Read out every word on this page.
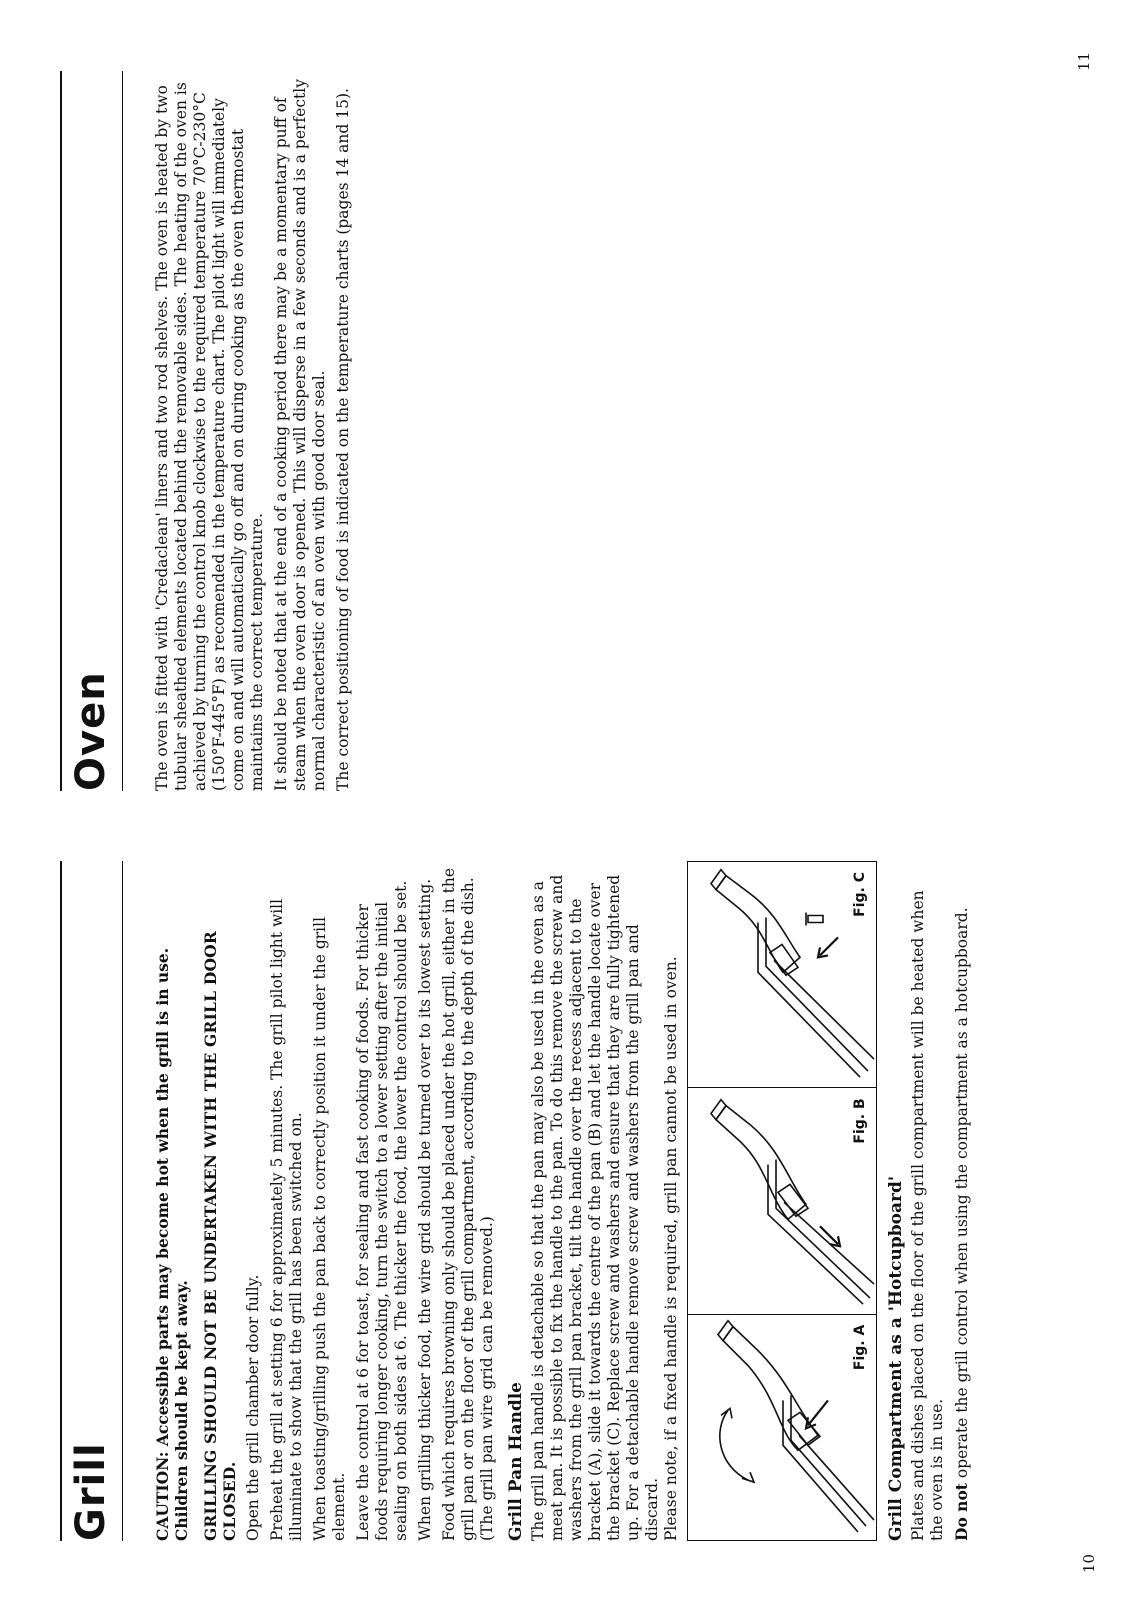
10
11
Grill	CAUTION: Accessible parts may become hot when the grill is in use. Children should be kept away. GRILLING SHOULD NOT BE UNDERTAKEN WITH THE GRILL DOOR CLOSED. Open the grill chamber door fully. Preheat the grill at setting 6 for approximately 5 minutes. The grill pilot light will illuminate to show that the grill has been switched on. When toasting/grilling push the pan back to correctly position it under the grill element. Leave the control at 6 for toast, for sealing and fast cooking of foods. For thicker foods requiring longer cooking, turn the switch to a lower setting after the initial sealing on both sides at 6. The thicker the food, the lower the control should be set. When grilling thicker food, the wire grid should be turned over to its lowest setting. Food which requires browning only should be placed under the hot grill, either in the grill pan or on the floor of the grill compartment, according to the depth of the dish. (The grill pan wire grid can be removed.) Grill Pan Handle The grill pan handle is detachable so that the pan may also be used in the oven as a meat pan. It is possible to fix the handle to the pan. To do this remove the screw and washers from the grill pan bracket, tilt the handle over the recess adjacent to the bracket (A), slide it towards the centre of the pan (B) and let the handle locate over the bracket (C). Replace screw and washers and ensure that they are fully tightened up. For a detachable handle remove screw and washers from the grill pan and discard. Please note, if a fixed handle is required, grill pan cannot be used in oven.	Fig. A
Fig. B
Fig. C
Grill Compartment as a 'Hotcupboard' Plates and dishes placed on the floor of the grill compartment will be heated when the oven is in use. Do not operate the grill control when using the compartment as a hotcupboard.

Oven	The oven is fitted with 'Credaclean' liners and two rod shelves. The oven is heated by two tubular sheathed elements located behind the removable sides. The heating of the oven is achieved by turning the control knob clockwise to the required temperature 70°C-230°C (150°F-445°F) as recomended in the temperature chart. The pilot light will immediately come on and will automatically go off and on during cooking as the oven thermostat maintains the correct temperature. It should be noted that at the end of a cooking period there may be a momentary puff of steam when the oven door is opened. This will disperse in a few seconds and is a perfectly normal characteristic of an oven with good door seal. The correct positioning of food is indicated on the temperature charts (pages 14 and 15).
